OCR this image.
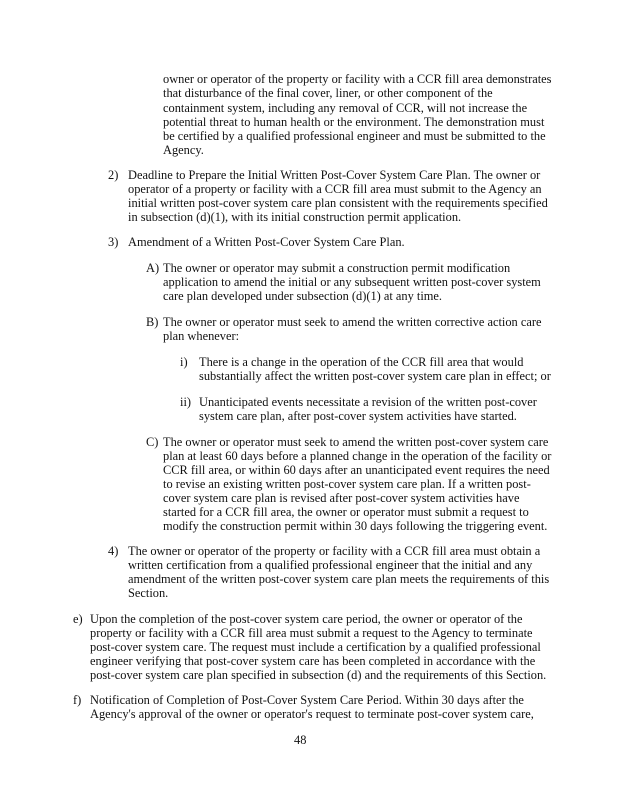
owner or operator of the property or facility with a CCR fill area demonstrates
that disturbance of the final cover, liner, or other component of the
containment system, including any removal of CCR, will not increase the
potential threat to human health or the environment. The demonstration must
be certified by a qualified professional engineer and must be submitted to the
Agency.
2) Deadline to Prepare the Initial Written Post-Cover System Care Plan. The owner or
operator of a property or facility with a CCR fill area must submit to the Agency an
initial written post-cover system care plan consistent with the requirements specified
in subsection (d)(1), with its initial construction permit application.
3) Amendment of a Written Post-Cover System Care Plan.
A) The owner or operator may submit a construction permit modification
application to amend the initial or any subsequent written post-cover system
care plan developed under subsection (d)(1) at any time.
B) The owner or operator must seek to amend the written corrective action care
plan whenever:
i) There is a change in the operation of the CCR fill area that would
substantially affect the written post-cover system care plan in effect; or
ii) Unanticipated events necessitate a revision of the written post-cover
system care plan, after post-cover system activities have started.
C) The owner or operator must seek to amend the written post-cover system care
plan at least 60 days before a planned change in the operation of the facility or
CCR fill area, or within 60 days after an unanticipated event requires the need
to revise an existing written post-cover system care plan. If a written post-
cover system care plan is revised after post-cover system activities have
started for a CCR fill area, the owner or operator must submit a request to
modify the construction permit within 30 days following the triggering event.
4) The owner or operator of the property or facility with a CCR fill area must obtain a
written certification from a qualified professional engineer that the initial and any
amendment of the written post-cover system care plan meets the requirements of this
Section.
e) Upon the completion of the post-cover system care period, the owner or operator of the
property or facility with a CCR fill area must submit a request to the Agency to terminate
post-cover system care. The request must include a certification by a qualified professional
engineer verifying that post-cover system care has been completed in accordance with the
post-cover system care plan specified in subsection (d) and the requirements of this Section.
f) Notification of Completion of Post-Cover System Care Period. Within 30 days after the
Agency's approval of the owner or operator's request to terminate post-cover system care,
48
